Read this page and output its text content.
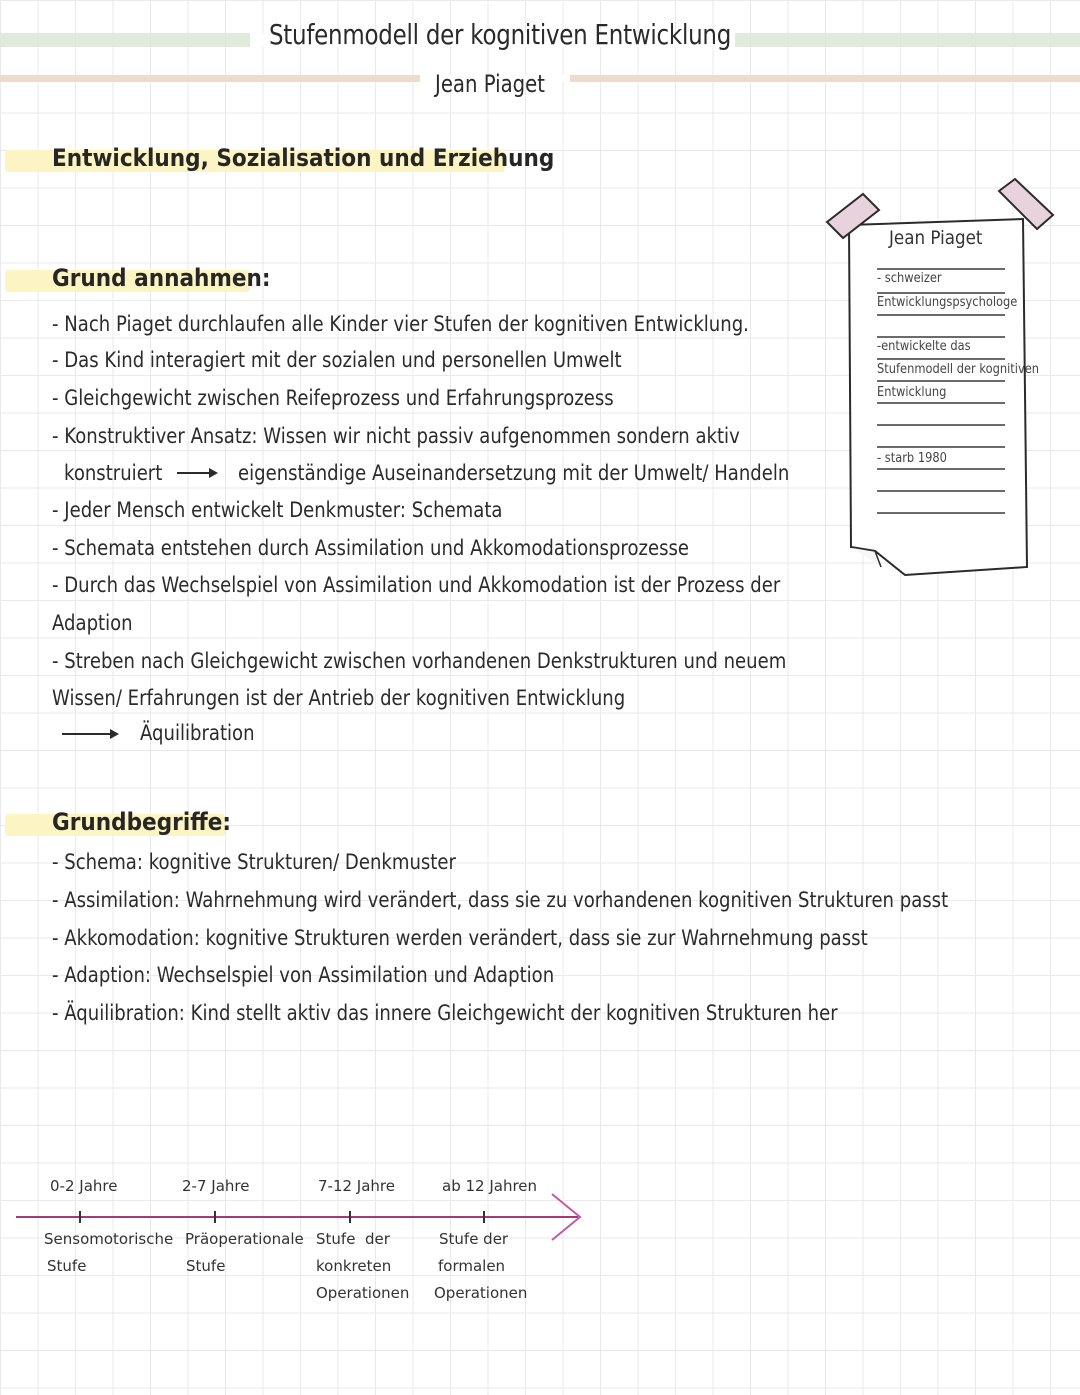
Stufenmodell der kognitiven Entwicklung
Jean Piaget
Entwicklung, Sozialisation und Erziehung
Grund annahmen:
- Nach Piaget durchlaufen alle Kinder vier Stufen der kognitiven Entwicklung.
- Das Kind interagiert mit der sozialen und personellen Umwelt
- Gleichgewicht zwischen Reifeprozess und Erfahrungsprozess
- Konstruktiver Ansatz: Wissen wir nicht passiv aufgenommen sondern aktiv
konstruiert	eigenständige Auseinandersetzung mit der Umwelt/ Handeln
- Jeder Mensch entwickelt Denkmuster: Schemata
- Schemata entstehen durch Assimilation und Akkomodationsprozesse
- Durch das Wechselspiel von Assimilation und Akkomodation ist der Prozess der
Adaption
- Streben nach Gleichgewicht zwischen vorhandenen Denkstrukturen und neuem
Wissen/ Erfahrungen ist der Antrieb der kognitiven Entwicklung
Äquilibration
Grundbegriffe:
- Schema: kognitive Strukturen/ Denkmuster
- Assimilation: Wahrnehmung wird verändert, dass sie zu vorhandenen kognitiven Strukturen passt
- Akkomodation: kognitive Strukturen werden verändert, dass sie zur Wahrnehmung passt
- Adaption: Wechselspiel von Assimilation und Adaption
- Äquilibration: Kind stellt aktiv das innere Gleichgewicht der kognitiven Strukturen her
Jean Piaget
- schweizer
Entwicklungspsychologe
-entwickelte das
Stufenmodell der kognitiven
Entwicklung
- starb 1980
0-2 Jahre	2-7 Jahre	7-12 Jahre	ab 12 Jahren
Sensomotorische
Stufe
Präoperationale
Stufe
Stufe  der
konkreten
Operationen
Stufe der
formalen
Operationen
